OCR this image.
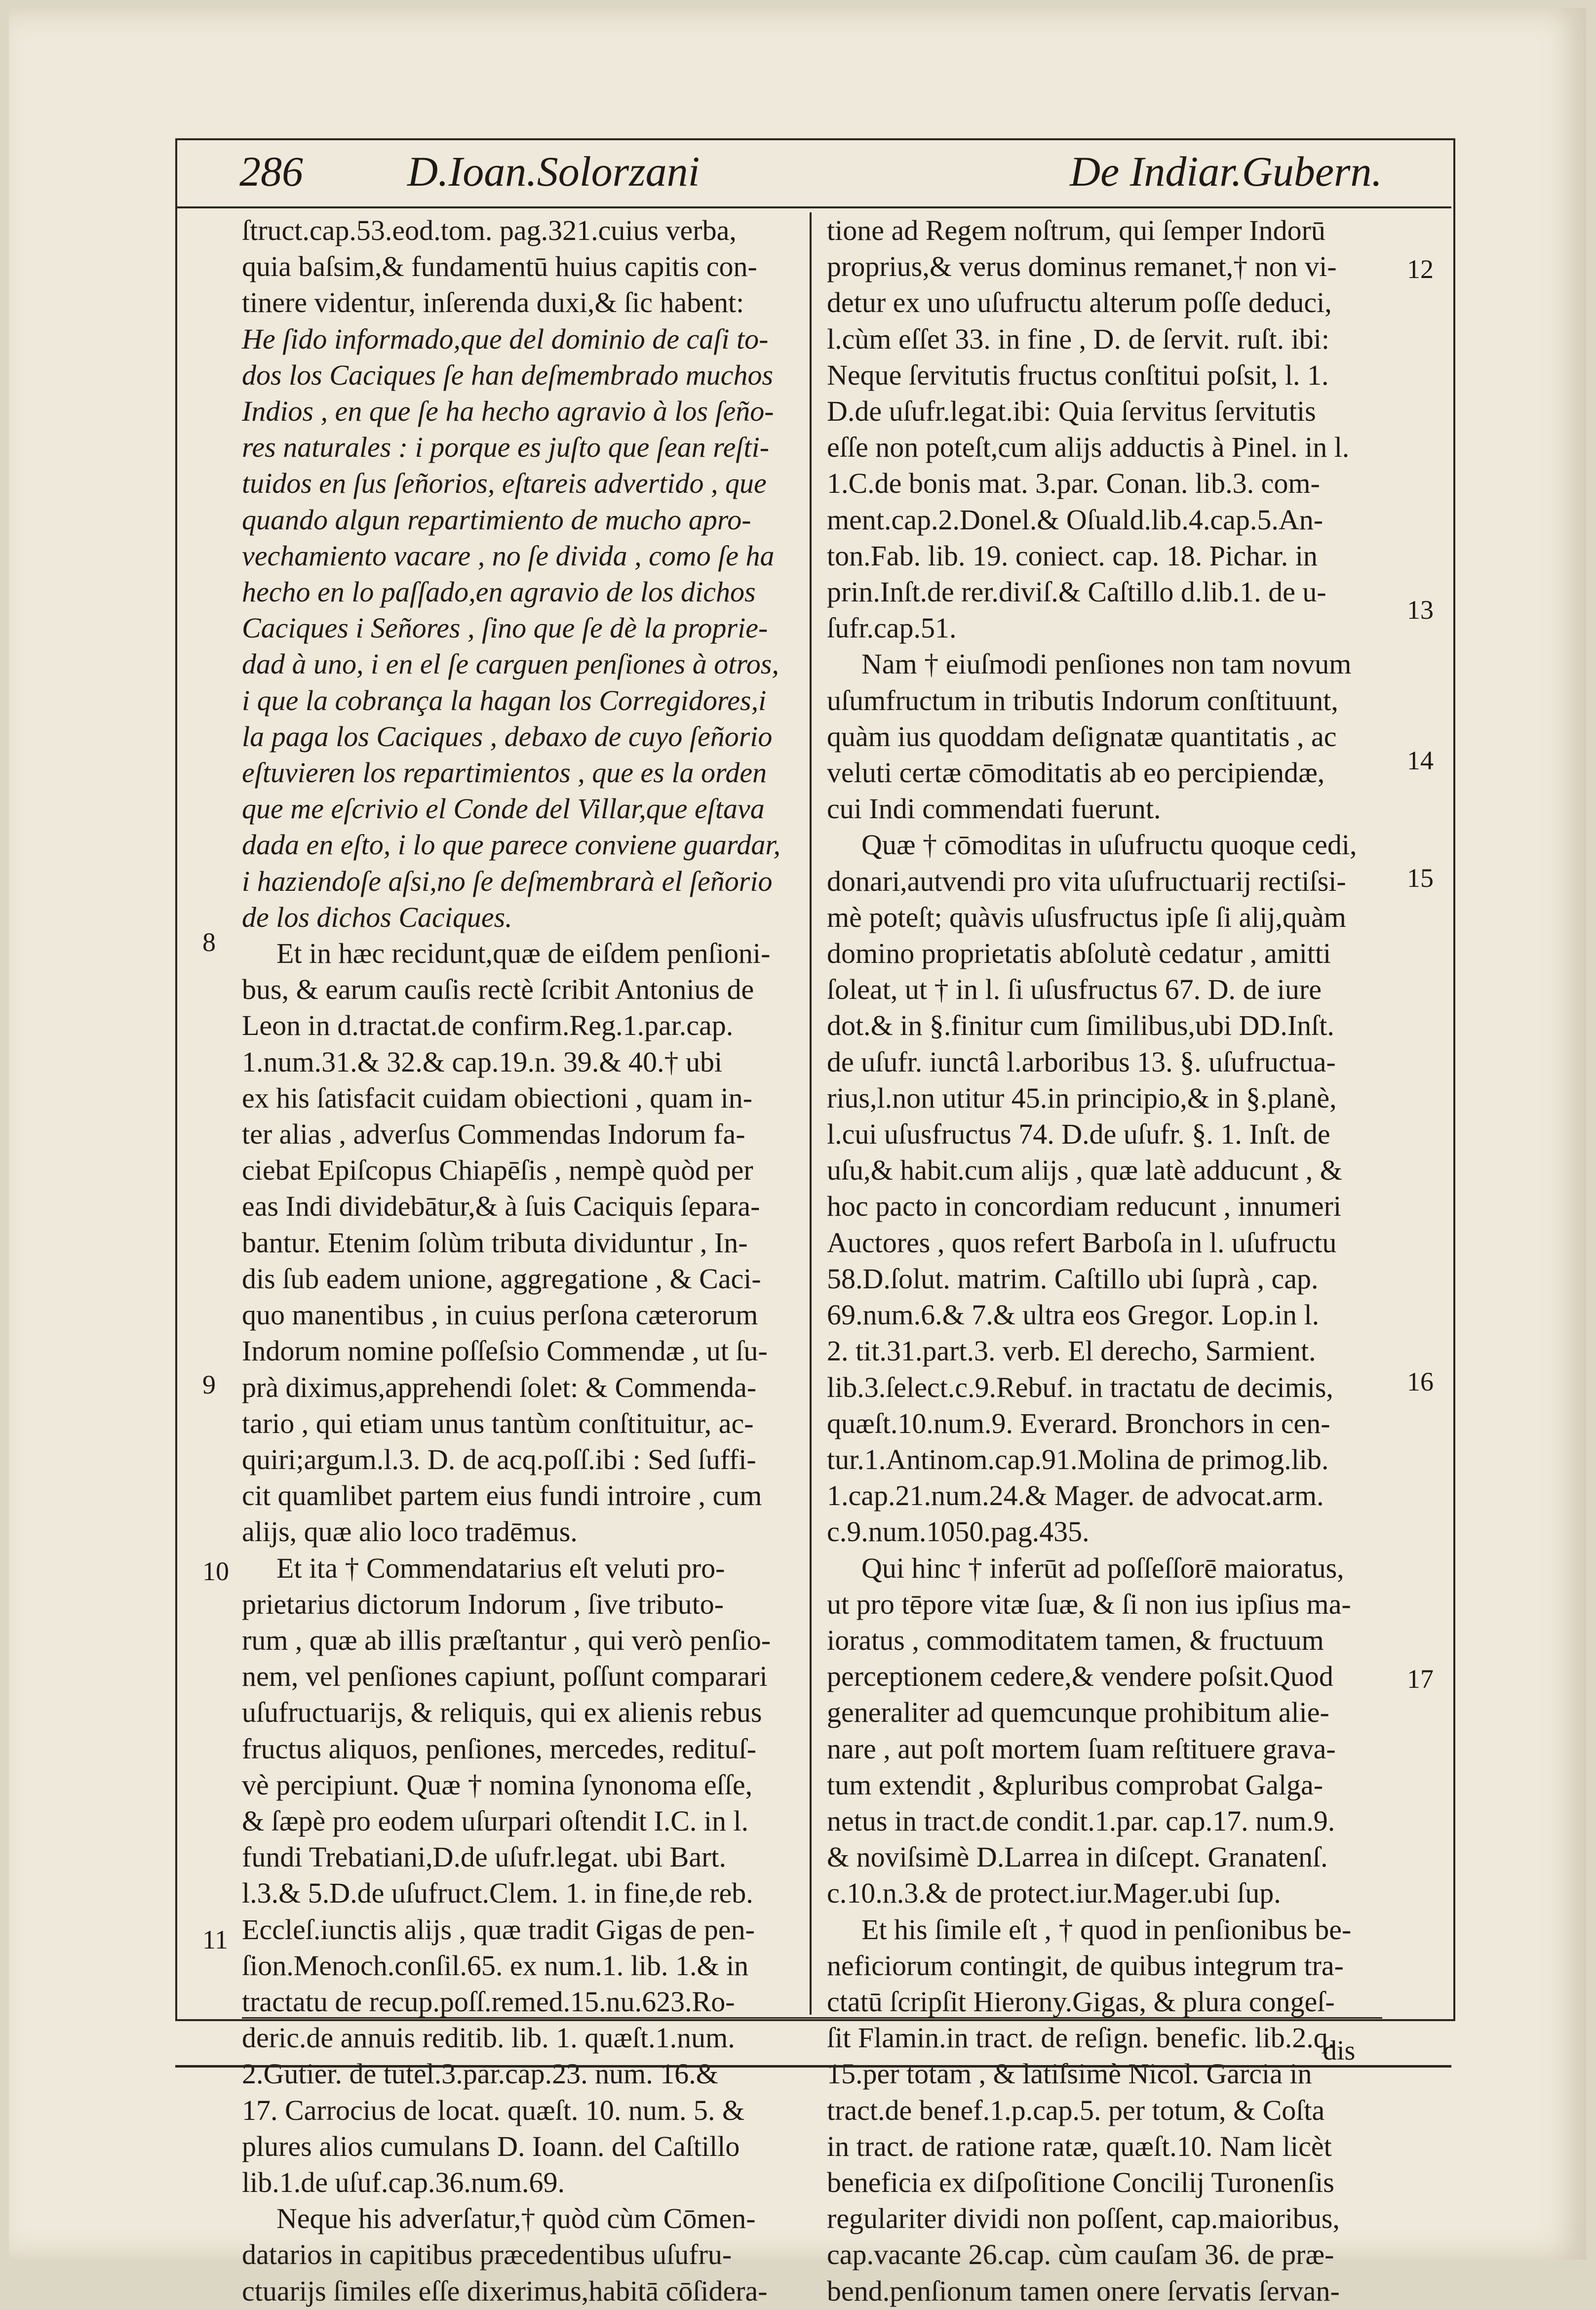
286 D.Ioan.Solorzani	De Indiar.Gubern.
ſtruct.cap.53.eod.tom. pag.321.cuius verba,
quia baſsim,& fundamentū huius capitis con-
tinere videntur, inſerenda duxi,& ſic habent:
He ſido informado,que del dominio de caſi to-
dos los Caciques ſe han deſmembrado muchos
Indios , en que ſe ha hecho agravio à los ſeño-
res naturales : i porque es juſto que ſean reſti-
tuidos en ſus ſeñorios, eſtareis advertido , que
quando algun repartimiento de mucho apro-
vechamiento vacare , no ſe divida , como ſe ha
hecho en lo paſſado,en agravio de los dichos
Caciques i Señores , ſino que ſe dè la proprie-
dad à uno, i en el ſe carguen penſiones à otros,
i que la cobrança la hagan los Corregidores,i
la paga los Caciques , debaxo de cuyo ſeñorio
eſtuvieren los repartimientos , que es la orden
que me eſcrivio el Conde del Villar,que eſtava
dada en eſto, i lo que parece conviene guardar,
i haziendoſe aſsi,no ſe deſmembrarà el ſeñorio
de los dichos Caciques.
Et in hæc recidunt,quæ de eiſdem penſioni-
bus, & earum cauſis rectè ſcribit Antonius de
Leon in d.tractat.de confirm.Reg.1.par.cap.
1.num.31.& 32.& cap.19.n. 39.& 40.† ubi
ex his ſatisfacit cuidam obiectioni , quam in-
ter alias , adverſus Commendas Indorum fa-
ciebat Epiſcopus Chiapēſis , nempè quòd per
eas Indi dividebātur,& à ſuis Caciquis ſepara-
bantur. Etenim ſolùm tributa dividuntur , In-
dis ſub eadem unione, aggregatione , & Caci-
quo manentibus , in cuius perſona cæterorum
Indorum nomine poſſeſsio Commendæ , ut ſu-
prà diximus,apprehendi ſolet: & Commenda-
tario , qui etiam unus tantùm conſtituitur, ac-
quiri;argum.l.3. D. de acq.poſſ.ibi : Sed ſuffi-
cit quamlibet partem eius fundi introire , cum
alijs, quæ alio loco tradēmus.
Et ita † Commendatarius eſt veluti pro-
prietarius dictorum Indorum , ſive tributo-
rum , quæ ab illis præſtantur , qui verò penſio-
nem, vel penſiones capiunt, poſſunt comparari
uſufructuarijs, & reliquis, qui ex alienis rebus
fructus aliquos, penſiones, mercedes, redituſ-
vè percipiunt. Quæ † nomina ſynonoma eſſe,
& ſæpè pro eodem uſurpari oſtendit I.C. in l.
fundi Trebatiani,D.de uſufr.legat. ubi Bart.
l.3.& 5.D.de uſufruct.Clem. 1. in fine,de reb.
Eccleſ.iunctis alijs , quæ tradit Gigas de pen-
ſion.Menoch.conſil.65. ex num.1. lib. 1.& in
tractatu de recup.poſſ.remed.15.nu.623.Ro-
deric.de annuis reditib. lib. 1. quæſt.1.num.
2.Gutier. de tutel.3.par.cap.23. num. 16.&
17. Carrocius de locat. quæſt. 10. num. 5. &
plures alios cumulans D. Ioann. del Caſtillo
lib.1.de uſuf.cap.36.num.69.
Neque his adverſatur,† quòd cùm Cōmen-
datarios in capitibus præcedentibus uſufru-
ctuarijs ſimiles eſſe dixerimus,habitā cōſidera-
tione ad Regem noſtrum, qui ſemper Indorū
proprius,& verus dominus remanet,† non vi-
detur ex uno uſufructu alterum poſſe deduci,
l.cùm eſſet 33. in fine , D. de ſervit. ruſt. ibi:
Neque ſervitutis fructus conſtitui poſsit, l. 1.
D.de uſufr.legat.ibi: Quia ſervitus ſervitutis
eſſe non poteſt,cum alijs adductis à Pinel. in l.
1.C.de bonis mat. 3.par. Conan. lib.3. com-
ment.cap.2.Donel.& Oſuald.lib.4.cap.5.An-
ton.Fab. lib. 19. coniect. cap. 18. Pichar. in
prin.Inſt.de rer.diviſ.& Caſtillo d.lib.1. de u-
ſufr.cap.51.
Nam † eiuſmodi penſiones non tam novum
uſumfructum in tributis Indorum conſtituunt,
quàm ius quoddam deſignatæ quantitatis , ac
veluti certæ cōmoditatis ab eo percipiendæ,
cui Indi commendati fuerunt.
Quæ † cōmoditas in uſufructu quoque cedi,
donari,autvendi pro vita uſufructuarij rectiſsi-
mè poteſt; quàvis uſusfructus ipſe ſi alij,quàm
domino proprietatis abſolutè cedatur , amitti
ſoleat, ut † in l. ſi uſusfructus 67. D. de iure
dot.& in §.finitur cum ſimilibus,ubi DD.Inſt.
de uſufr. iunctâ l.arboribus 13. §. uſufructua-
rius,l.non utitur 45.in principio,& in §.planè,
l.cui uſusfructus 74. D.de uſufr. §. 1. Inſt. de
uſu,& habit.cum alijs , quæ latè adducunt , &
hoc pacto in concordiam reducunt , innumeri
Auctores , quos refert Barboſa in l. uſufructu
58.D.ſolut. matrim. Caſtillo ubi ſuprà , cap.
69.num.6.& 7.& ultra eos Gregor. Lop.in l.
2. tit.31.part.3. verb. El derecho, Sarmient.
lib.3.ſelect.c.9.Rebuf. in tractatu de decimis,
quæſt.10.num.9. Everard. Bronchors in cen-
tur.1.Antinom.cap.91.Molina de primog.lib.
1.cap.21.num.24.& Mager. de advocat.arm.
c.9.num.1050.pag.435.
Qui hinc † inferūt ad poſſeſſorē maioratus,
ut pro tēpore vitæ ſuæ, & ſi non ius ipſius ma-
ioratus , commoditatem tamen, & fructuum
perceptionem cedere,& vendere poſsit.Quod
generaliter ad quemcunque prohibitum alie-
nare , aut poſt mortem ſuam reſtituere grava-
tum extendit , &pluribus comprobat Galga-
netus in tract.de condit.1.par. cap.17. num.9.
& noviſsimè D.Larrea in diſcept. Granatenſ.
c.10.n.3.& de protect.iur.Mager.ubi ſup.
Et his ſimile eſt , † quod in penſionibus be-
neficiorum contingit, de quibus integrum tra-
ctatū ſcripſit Hierony.Gigas, & plura congeſ-
ſit Flamin.in tract. de reſign. benefic. lib.2.q.
15.per totam , & latiſsimè Nicol. Garcia in
tract.de benef.1.p.cap.5. per totum, & Coſta
in tract. de ratione ratæ, quæſt.10. Nam licèt
beneficia ex diſpoſitione Concilij Turonenſis
regulariter dividi non poſſent, cap.maioribus,
cap.vacante 26.cap. cùm cauſam 36. de præ-
bend.penſionum tamen onere ſervatis ſervan-
8
9
10
11
12
13
14
15
16
17
dis
